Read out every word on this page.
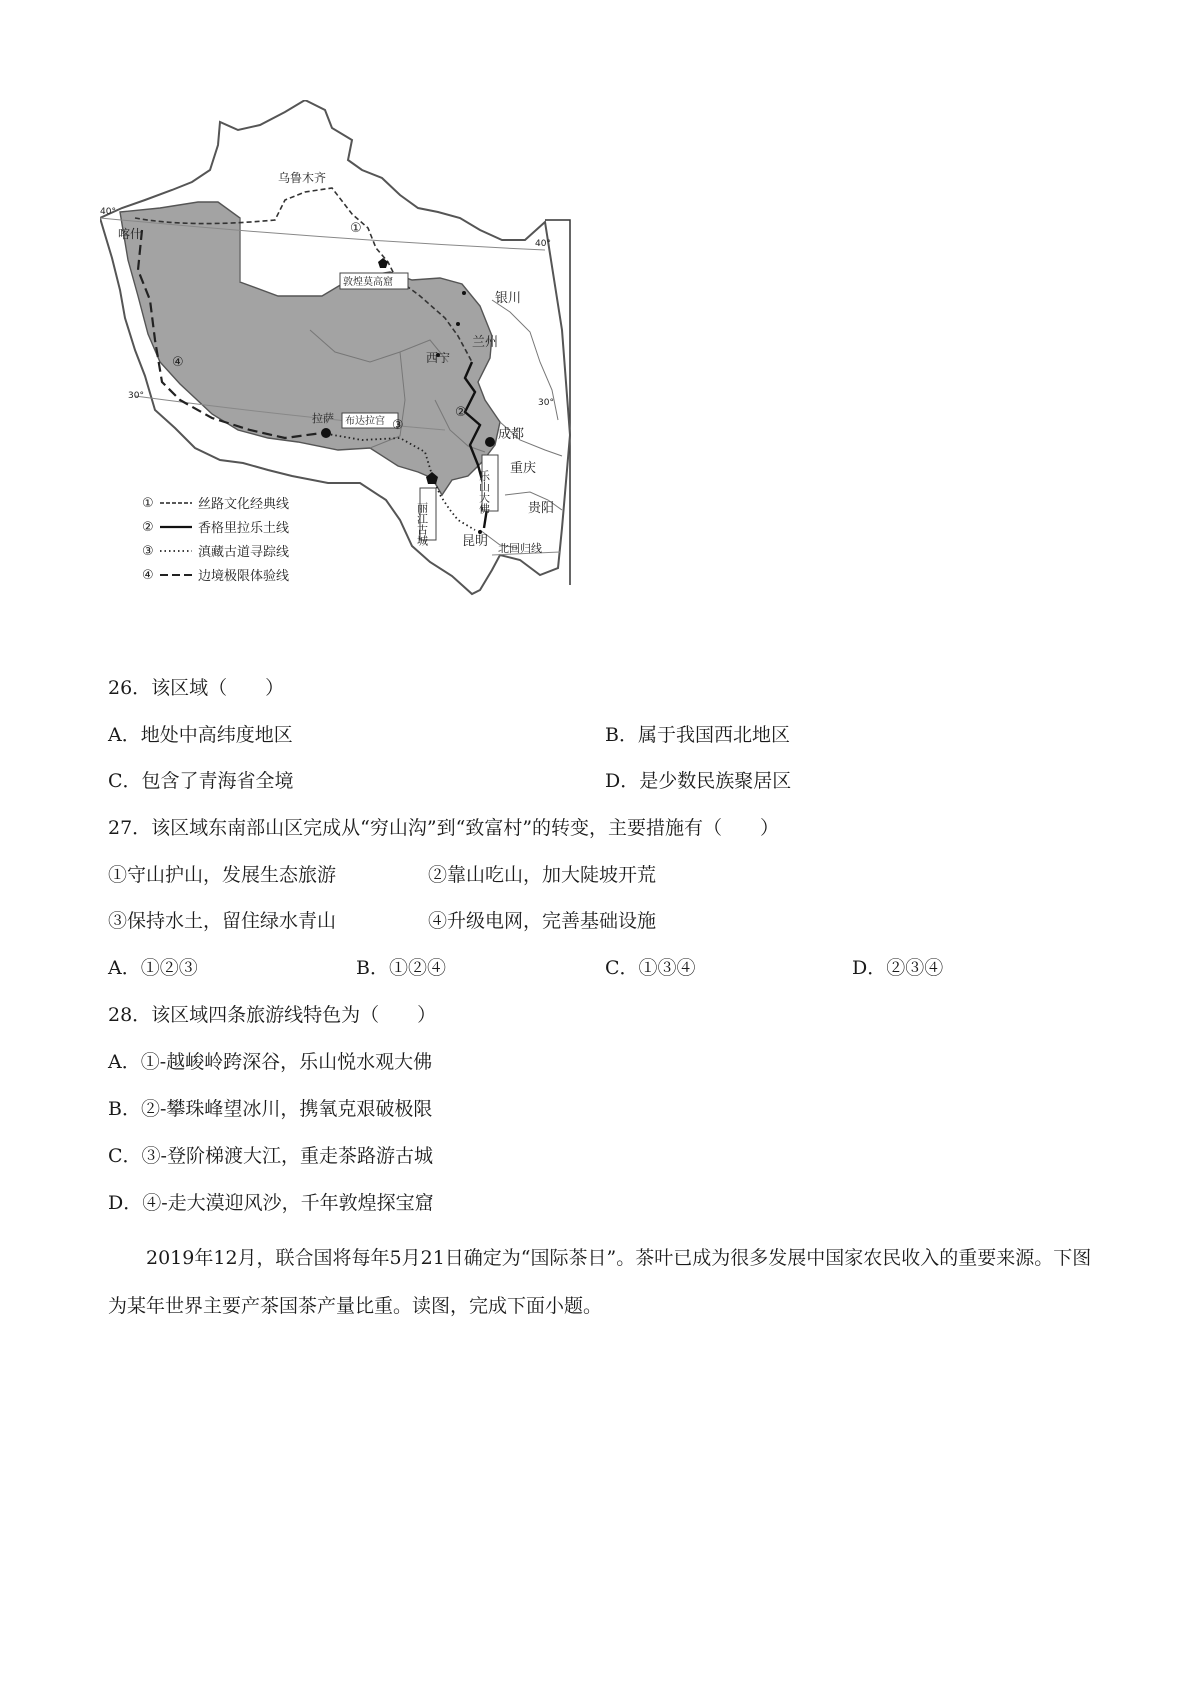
乌鲁木齐
敦煌莫高窟
喀什
银川
兰州
西宁
拉萨 布达拉宫
成都
乐山大佛
丽江古城
重庆
贵阳
昆明 北回归线
①
②
③
④
40°
40°
30°
30°
①	丝路文化经典线
②	香格里拉乐土线
③	滇藏古道寻踪线
④	边境极限体验线
26．该区域（　　）
A．地处中高纬度地区	B．属于我国西北地区
C．包含了青海省全境	D．是少数民族聚居区
27．该区域东南部山区完成从“穷山沟”到“致富村”的转变，主要措施有（　　）
①守山护山，发展生态旅游	②靠山吃山，加大陡坡开荒
③保持水土，留住绿水青山	④升级电网，完善基础设施
A．①②③	B．①②④	C．①③④	D．②③④
28．该区域四条旅游线特色为（　　）
A．①-越峻岭跨深谷，乐山悦水观大佛
B．②-攀珠峰望冰川，携氧克艰破极限
C．③-登阶梯渡大江，重走茶路游古城
D．④-走大漠迎风沙，千年敦煌探宝窟
2019年12月，联合国将每年5月21日确定为“国际茶日”。茶叶已成为很多发展中国家农民收入的重要来源。下图为某年世界主要产茶国茶产量比重。读图，完成下面小题。
